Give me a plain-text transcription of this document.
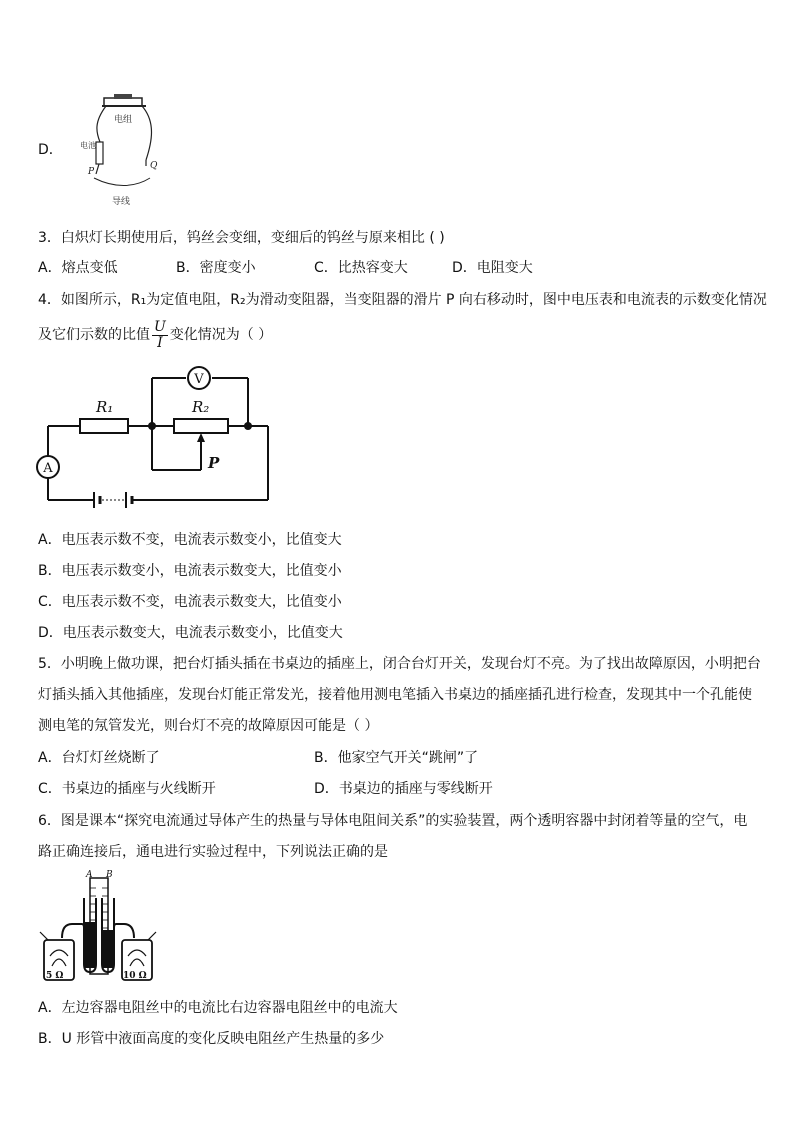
D．
电组
电池
P
Q
导线
3．白炽灯长期使用后，钨丝会变细，变细后的钨丝与原来相比 ( )
A．熔点变低	B．密度变小	C．比热容变大	D．电阻变大
4．如图所示，R₁为定值电阻，R₂为滑动变阻器，当变阻器的滑片 P 向右移动时，图中电压表和电流表的示数变化情况
及它们示数的比值 $\frac{U}{I}$ 变化情况为（ ）
R₁	R₂
P
V
A
A．电压表示数不变，电流表示数变小，比值变大
B．电压表示数变小，电流表示数变大，比值变小
C．电压表示数不变，电流表示数变大，比值变小
D．电压表示数变大，电流表示数变小，比值变大
5．小明晚上做功课，把台灯插头插在书桌边的插座上，闭合台灯开关，发现台灯不亮。为了找出故障原因，小明把台
灯插头插入其他插座，发现台灯能正常发光，接着他用测电笔插入书桌边的插座插孔进行检查，发现其中一个孔能使
测电笔的氖管发光，则台灯不亮的故障原因可能是（ ）
A．台灯灯丝烧断了	B．他家空气开关“跳闸”了
C．书桌边的插座与火线断开	D．书桌边的插座与零线断开
6．图是课本“探究电流通过导体产生的热量与导体电阻间关系”的实验装置，两个透明容器中封闭着等量的空气，电
路正确连接后，通电进行实验过程中，下列说法正确的是
A B
5 Ω	10 Ω
A．左边容器电阻丝中的电流比右边容器电阻丝中的电流大
B．U 形管中液面高度的变化反映电阻丝产生热量的多少
